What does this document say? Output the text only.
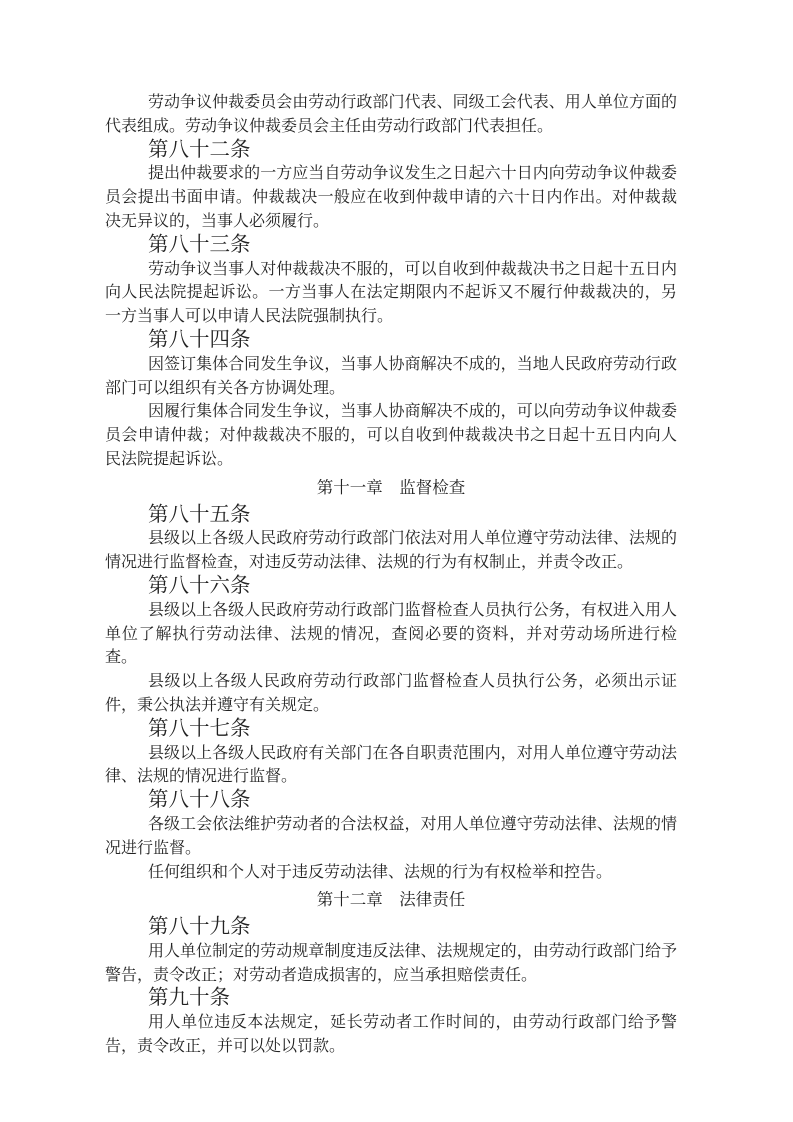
劳动争议仲裁委员会由劳动行政部门代表、同级工会代表、用人单位方面的代表组成。劳动争议仲裁委员会主任由劳动行政部门代表担任。

第八十二条

提出仲裁要求的一方应当自劳动争议发生之日起六十日内向劳动争议仲裁委员会提出书面申请。仲裁裁决一般应在收到仲裁申请的六十日内作出。对仲裁裁决无异议的，当事人必须履行。

第八十三条

劳动争议当事人对仲裁裁决不服的，可以自收到仲裁裁决书之日起十五日内向人民法院提起诉讼。一方当事人在法定期限内不起诉又不履行仲裁裁决的，另一方当事人可以申请人民法院强制执行。

第八十四条

因签订集体合同发生争议，当事人协商解决不成的，当地人民政府劳动行政部门可以组织有关各方协调处理。

因履行集体合同发生争议，当事人协商解决不成的，可以向劳动争议仲裁委员会申请仲裁；对仲裁裁决不服的，可以自收到仲裁裁决书之日起十五日内向人民法院提起诉讼。

第十一章　监督检查

第八十五条

县级以上各级人民政府劳动行政部门依法对用人单位遵守劳动法律、法规的情况进行监督检查，对违反劳动法律、法规的行为有权制止，并责令改正。

第八十六条

县级以上各级人民政府劳动行政部门监督检查人员执行公务，有权进入用人单位了解执行劳动法律、法规的情况，查阅必要的资料，并对劳动场所进行检查。

县级以上各级人民政府劳动行政部门监督检查人员执行公务，必须出示证件，秉公执法并遵守有关规定。

第八十七条

县级以上各级人民政府有关部门在各自职责范围内，对用人单位遵守劳动法律、法规的情况进行监督。

第八十八条

各级工会依法维护劳动者的合法权益，对用人单位遵守劳动法律、法规的情况进行监督。

任何组织和个人对于违反劳动法律、法规的行为有权检举和控告。

第十二章　法律责任

第八十九条

用人单位制定的劳动规章制度违反法律、法规规定的，由劳动行政部门给予警告，责令改正；对劳动者造成损害的，应当承担赔偿责任。

第九十条

用人单位违反本法规定，延长劳动者工作时间的，由劳动行政部门给予警告，责令改正，并可以处以罚款。
